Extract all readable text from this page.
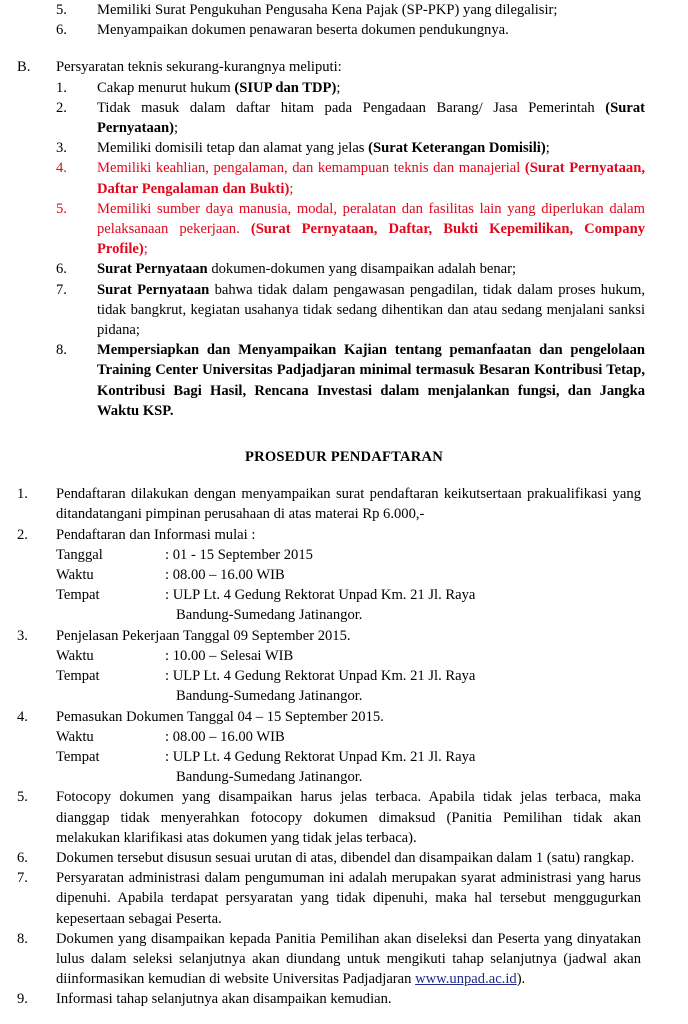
5.	Memiliki Surat Pengukuhan Pengusaha Kena Pajak (SP-PKP) yang dilegalisir;
6.	Menyampaikan dokumen penawaran beserta dokumen pendukungnya.
B.	Persyaratan teknis sekurang-kurangnya meliputi:
1.	Cakap menurut hukum (SIUP dan TDP);
2.	Tidak masuk dalam daftar hitam pada Pengadaan Barang/ Jasa Pemerintah (Surat Pernyataan);
3.	Memiliki domisili tetap dan alamat yang jelas (Surat Keterangan Domisili);
4.	Memiliki keahlian, pengalaman, dan kemampuan teknis dan manajerial (Surat Pernyataan, Daftar Pengalaman dan Bukti);
5.	Memiliki sumber daya manusia, modal, peralatan dan fasilitas lain yang diperlukan dalam pelaksanaan pekerjaan. (Surat Pernyataan, Daftar, Bukti Kepemilikan, Company Profile);
6.	Surat Pernyataan dokumen-dokumen yang disampaikan adalah benar;
7.	Surat Pernyataan bahwa tidak dalam pengawasan pengadilan, tidak dalam proses hukum, tidak bangkrut, kegiatan usahanya tidak sedang dihentikan dan atau sedang menjalani sanksi pidana;
8.	Mempersiapkan dan Menyampaikan Kajian tentang pemanfaatan dan pengelolaan Training Center Universitas Padjadjaran minimal termasuk Besaran Kontribusi Tetap, Kontribusi Bagi Hasil, Rencana Investasi dalam menjalankan fungsi, dan Jangka Waktu KSP.
PROSEDUR PENDAFTARAN
1.	Pendaftaran dilakukan dengan menyampaikan surat pendaftaran keikutsertaan prakualifikasi yang ditandatangani pimpinan perusahaan di atas materai Rp 6.000,-
2.	Pendaftaran dan Informasi mulai :
Tanggal	: 01 - 15 September 2015
Waktu	: 08.00 – 16.00 WIB
Tempat	: ULP Lt. 4 Gedung Rektorat Unpad Km. 21 Jl. Raya
Bandung-Sumedang Jatinangor.
3.	Penjelasan Pekerjaan Tanggal 09 September 2015.
Waktu	: 10.00 – Selesai WIB
Tempat	: ULP Lt. 4 Gedung Rektorat Unpad Km. 21 Jl. Raya
Bandung-Sumedang Jatinangor.
4.	Pemasukan Dokumen Tanggal 04 – 15 September 2015.
Waktu	: 08.00 – 16.00 WIB
Tempat	: ULP Lt. 4 Gedung Rektorat Unpad Km. 21 Jl. Raya
Bandung-Sumedang Jatinangor.
5.	Fotocopy dokumen yang disampaikan harus jelas terbaca. Apabila tidak jelas terbaca, maka dianggap tidak menyerahkan fotocopy dokumen dimaksud (Panitia Pemilihan tidak akan melakukan klarifikasi atas dokumen yang tidak jelas terbaca).
6.	Dokumen tersebut disusun sesuai urutan di atas, dibendel dan disampaikan dalam 1 (satu) rangkap.
7.	Persyaratan administrasi dalam pengumuman ini adalah merupakan syarat administrasi yang harus dipenuhi. Apabila terdapat persyaratan yang tidak dipenuhi, maka hal tersebut menggugurkan kepesertaan sebagai Peserta.
8.	Dokumen yang disampaikan kepada Panitia Pemilihan akan diseleksi dan Peserta yang dinyatakan lulus dalam seleksi selanjutnya akan diundang untuk mengikuti tahap selanjutnya (jadwal akan diinformasikan kemudian di website Universitas Padjadjaran www.unpad.ac.id).
9.	Informasi tahap selanjutnya akan disampaikan kemudian.
